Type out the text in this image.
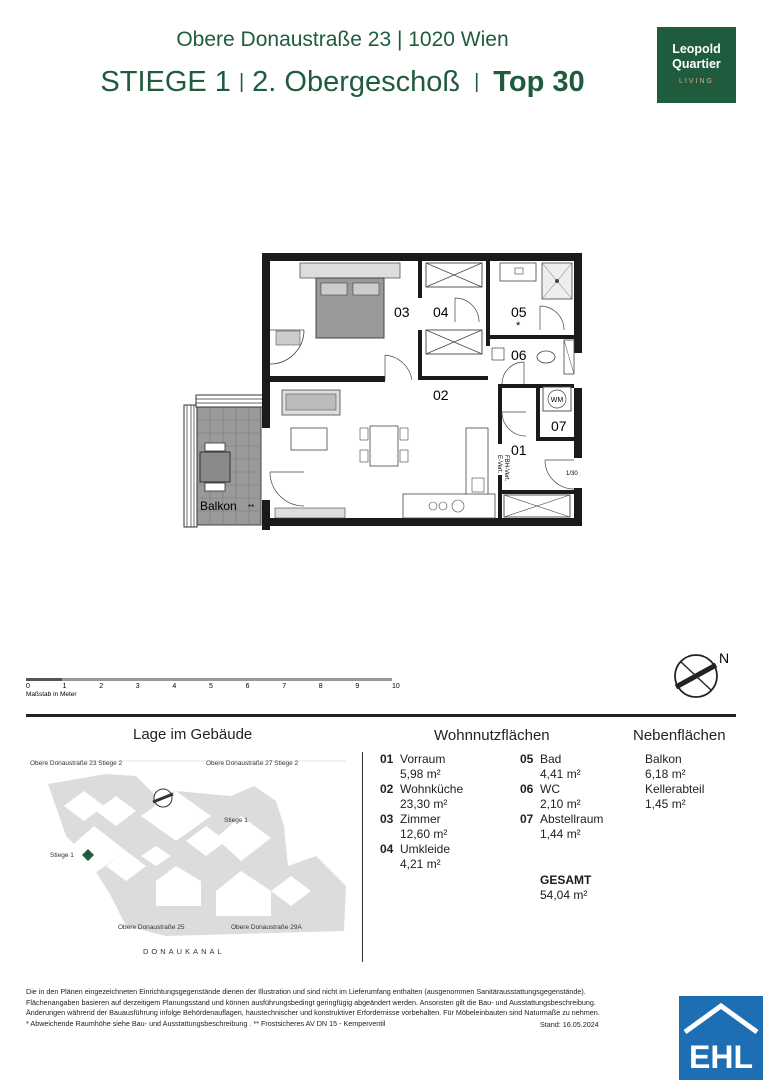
Obere Donaustraße 23 | 1020 Wien
STIEGE 1 | 2. Obergeschoß | Top 30
Leopold
Quartier
LIVING
03 04	05
*
06
WM
07
1/30
02
01
FBH-Vert.
E-Vert.
Balkon **
0	1	2	3	4	5	6	7	8	9	10
Maßstab in Meter
N
Lage im Gebäude	Wohnnutzflächen	Nebenflächen
Obere Donaustraße 23 Stiege 2	Obere Donaustraße 27 Stiege 2
Stiege 1
Stiege 1
Obere Donaustraße 25	Obere Donaustraße 29A
DONAUKANAL
01 Vorraum
5,98 m²
02 Wohnküche
23,30 m²
03 Zimmer
12,60 m²
04 Umkleide
4,21 m²
05 Bad
4,41 m²
06 WC
2,10 m²
07 Abstellraum
1,44 m²
GESAMT
54,04 m²
Balkon
6,18 m²
Kellerabteil
1,45 m²
Die in den Plänen eingezeichneten Einrichtungsgegenstände dienen der Illustration und sind nicht im Lieferumfang enthalten (ausgenommen Sanitärausstattungsgegenstände).
Flächenangaben basieren auf derzeitigem Planungsstand und können ausführungsbedingt geringfügig abgeändert werden. Ansonsten gilt die Bau- und Ausstattungsbeschreibung.
Änderungen während der Bauausführung infolge Behördenauflagen, haustechnischer und konstruktiver Erfordernisse vorbehalten. Für Möbeleinbauten sind Naturmaße zu nehmen.
* Abweichende Raumhöhe siehe Bau- und Ausstattungsbeschreibung . ** Frostsicheres AV DN 15 - Kemperventil	Stand: 16.05.2024
EHL
